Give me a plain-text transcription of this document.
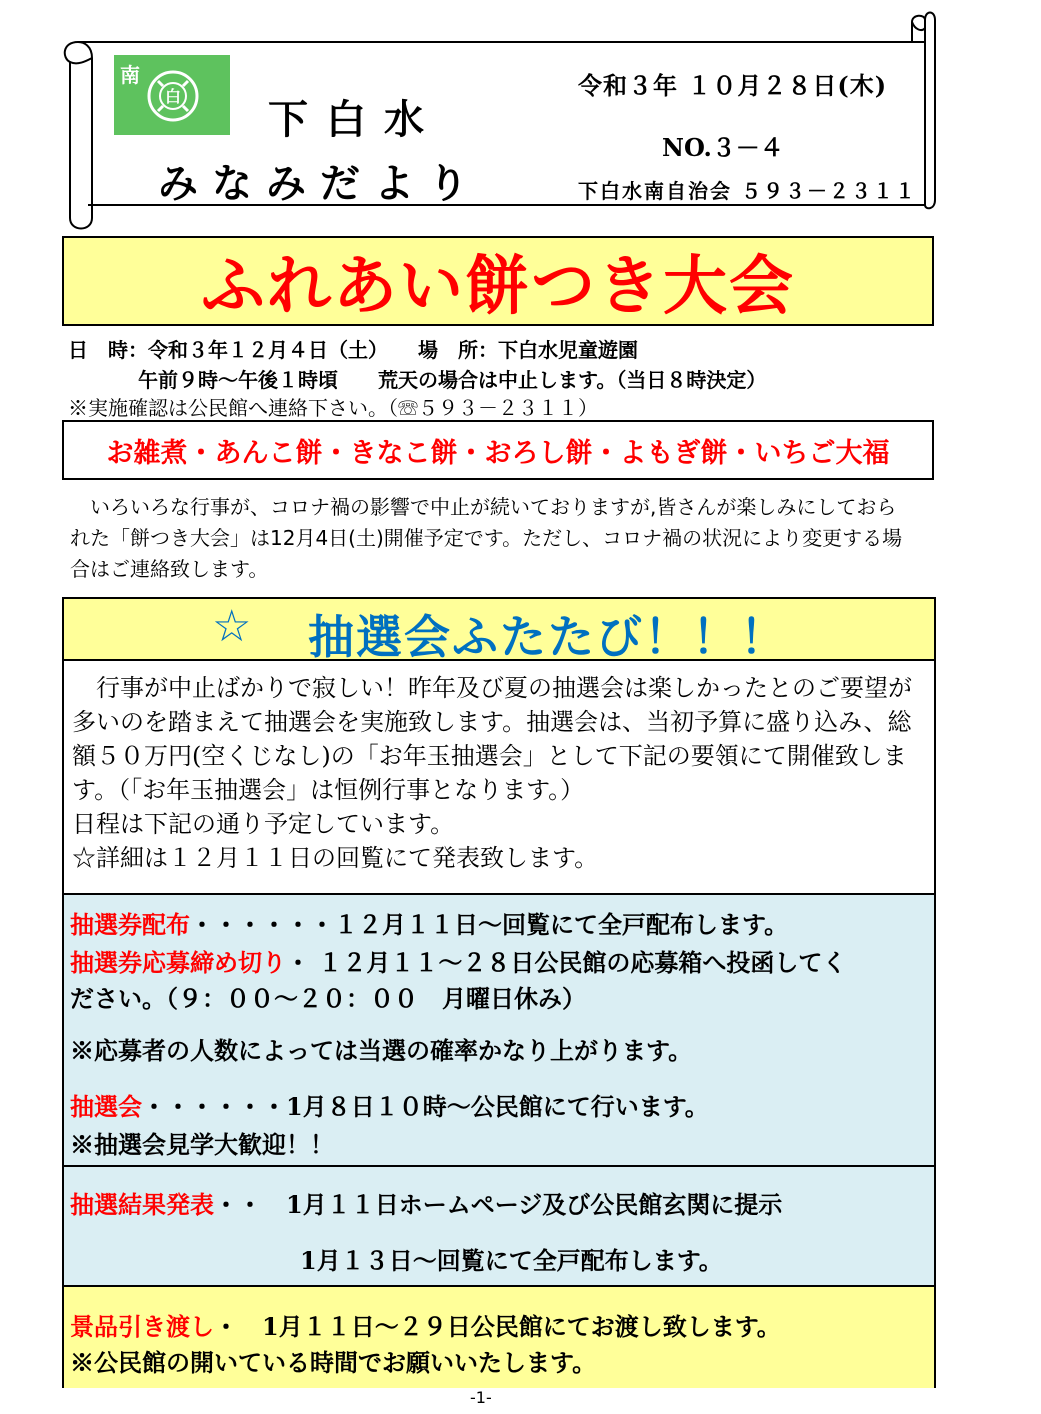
南
白
下白水
みなみだより
令和３年 １０月２８日(木)
NO.３－４
下白水南自治会 ５９３－２３１１
ふれあい餅つき大会
日　時：令和３年１２月４日（土）　　場　所：下白水児童遊園
午前９時～午後１時頃　　荒天の場合は中止します。（当日８時決定）
※実施確認は公民館へ連絡下さい。（☏５９３－２３１１）
お雑煮・あんこ餅・きなこ餅・おろし餅・よもぎ餅・いちご大福
　いろいろな行事が、コロナ禍の影響で中止が続いておりますが,皆さんが楽しみにしておら
れた「餅つき大会」は12月4日(土)開催予定です。ただし、コロナ禍の状況により変更する場
合はご連絡致します。
☆ 抽選会ふたたび！！！
　行事が中止ばかりで寂しい！昨年及び夏の抽選会は楽しかったとのご要望が
多いのを踏まえて抽選会を実施致します。抽選会は、当初予算に盛り込み、総
額５０万円(空くじなし)の「お年玉抽選会」として下記の要領にて開催致しま
す。（「お年玉抽選会」は恒例行事となります。）
日程は下記の通り予定しています。
☆詳細は１２月１１日の回覧にて発表致します。
抽選券配布・・・・・・１２月１１日～回覧にて全戸配布します。
抽選券応募締め切り・ １２月１１～２８日公民館の応募箱へ投函してく
ださい。（９：００～２０：００　月曜日休み）
※応募者の人数によっては当選の確率かなり上がります。
抽選会・・・・・・1月８日１０時～公民館にて行います。
※抽選会見学大歓迎！！
抽選結果発表・・　1月１１日ホームページ及び公民館玄関に提示
1月１３日～回覧にて全戸配布します。
景品引き渡し・　1月１１日～２９日公民館にてお渡し致します。
※公民館の開いている時間でお願いいたします。
-1-
